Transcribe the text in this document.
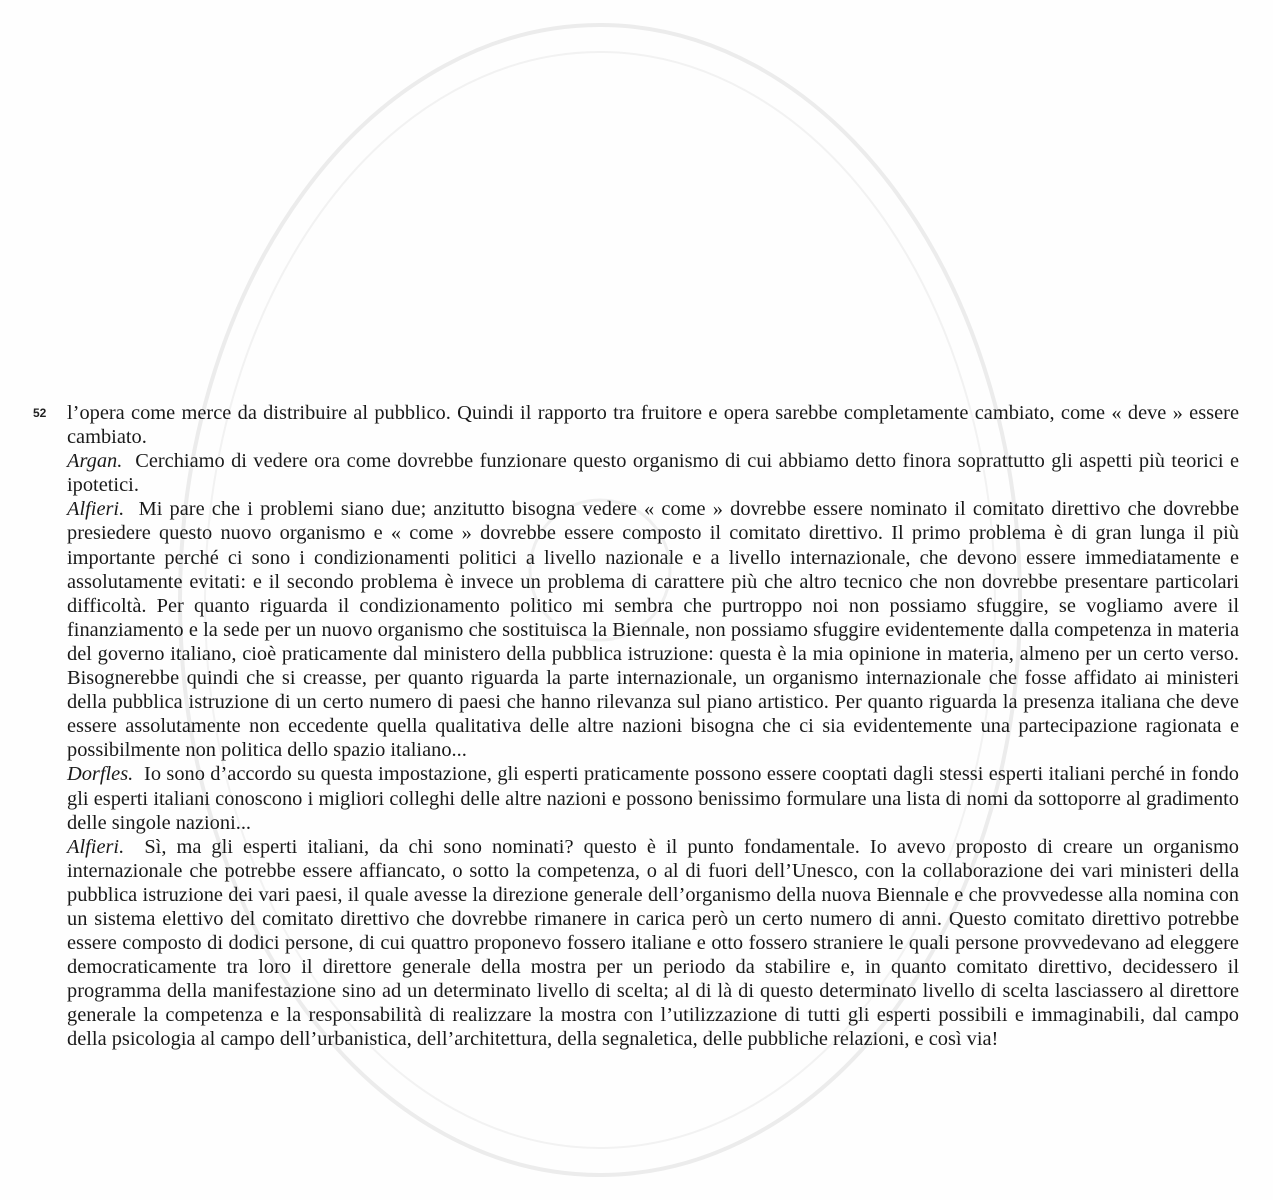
52 l’opera come merce da distribuire al pubblico. Quindi il rapporto tra fruitore e opera sarebbe completamente cambiato, come « deve » essere cambiato.

Argan. Cerchiamo di vedere ora come dovrebbe funzionare questo organismo di cui abbiamo detto finora soprattutto gli aspetti più teorici e ipotetici.

Alfieri. Mi pare che i problemi siano due; anzitutto bisogna vedere « come » dovrebbe essere nominato il comitato direttivo che dovrebbe presiedere questo nuovo organismo e « come » dovrebbe essere composto il comitato direttivo. Il primo problema è di gran lunga il più importante perché ci sono i condizionamenti politici a livello nazionale e a livello internazionale, che devono essere immediatamente e assolutamente evitati: e il secondo problema è invece un problema di carattere più che altro tecnico che non dovrebbe presentare particolari difficoltà. Per quanto riguarda il condizionamento politico mi sembra che purtroppo noi non possiamo sfuggire, se vogliamo avere il finanziamento e la sede per un nuovo organismo che sostituisca la Biennale, non possiamo sfuggire evidentemente dalla competenza in materia del governo italiano, cioè praticamente dal ministero della pubblica istruzione: questa è la mia opinione in materia, almeno per un certo verso. Bisognerebbe quindi che si creasse, per quanto riguarda la parte internazionale, un organismo internazionale che fosse affidato ai ministeri della pubblica istruzione di un certo numero di paesi che hanno rilevanza sul piano artistico. Per quanto riguarda la presenza italiana che deve essere assolutamente non eccedente quella qualitativa delle altre nazioni bisogna che ci sia evidentemente una partecipazione ragionata e possibilmente non politica dello spazio italiano...

Dorfles. Io sono d’accordo su questa impostazione, gli esperti praticamente possono essere cooptati dagli stessi esperti italiani perché in fondo gli esperti italiani conoscono i migliori colleghi delle altre nazioni e possono benissimo formulare una lista di nomi da sottoporre al gradimento delle singole nazioni...

Alfieri. Sì, ma gli esperti italiani, da chi sono nominati? questo è il punto fondamentale. Io avevo proposto di creare un organismo internazionale che potrebbe essere affiancato, o sotto la competenza, o al di fuori dell’Unesco, con la collaborazione dei vari ministeri della pubblica istruzione dei vari paesi, il quale avesse la direzione generale dell’organismo della nuova Biennale e che provvedesse alla nomina con un sistema elettivo del comitato direttivo che dovrebbe rimanere in carica però un certo numero di anni. Questo comitato direttivo potrebbe essere composto di dodici persone, di cui quattro proponevo fossero italiane e otto fossero straniere le quali persone provvedevano ad eleggere democraticamente tra loro il direttore generale della mostra per un periodo da stabilire e, in quanto comitato direttivo, decidessero il programma della manifestazione sino ad un determinato livello di scelta; al di là di questo determinato livello di scelta lasciassero al direttore generale la competenza e la responsabilità di realizzare la mostra con l’utilizzazione di tutti gli esperti possibili e immaginabili, dal campo della psicologia al campo dell’urbanistica, dell’architettura, della segnaletica, delle pubbliche relazioni, e così via!
